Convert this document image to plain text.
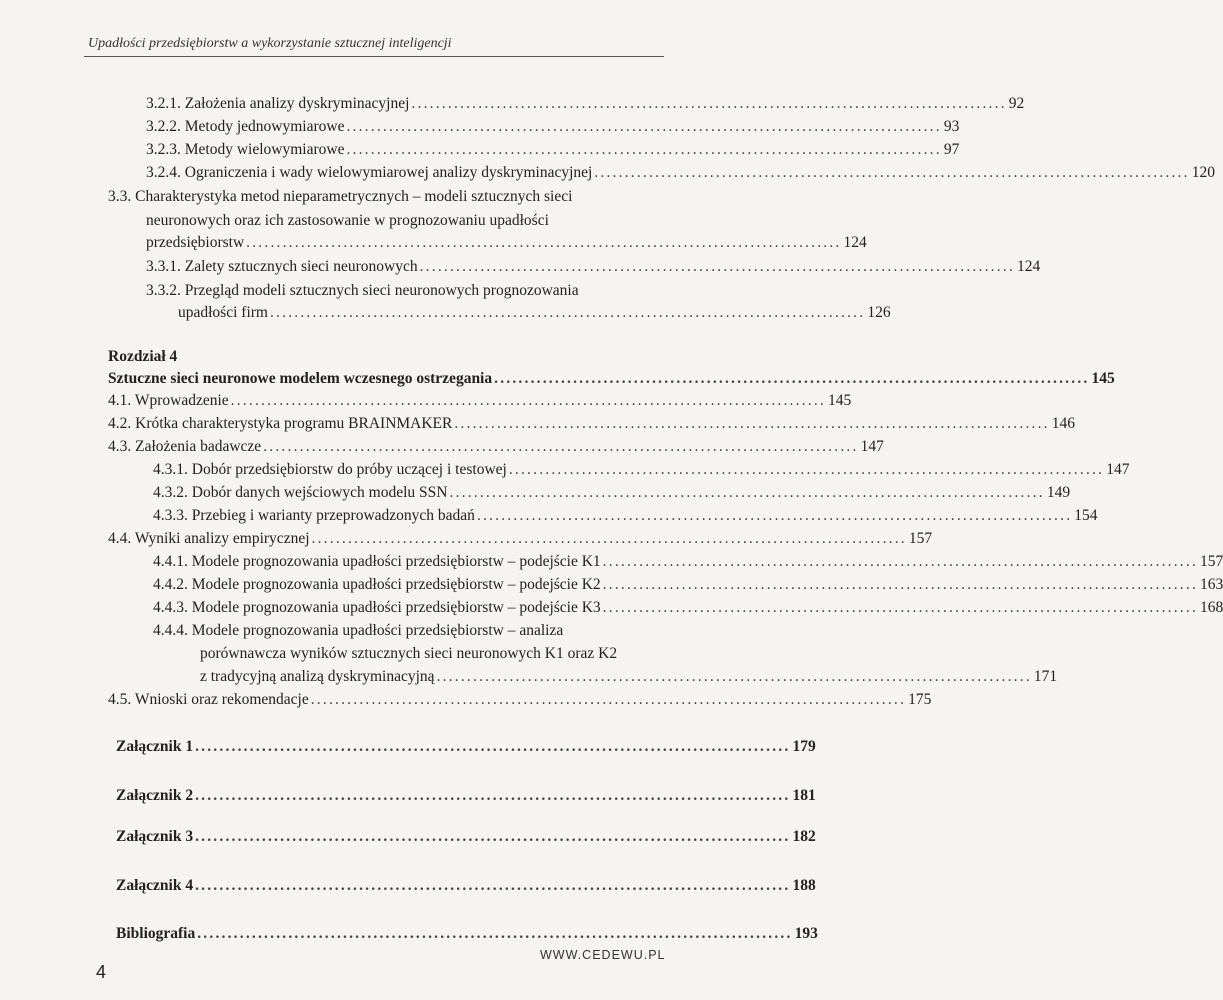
Upadłości przedsiębiorstw a wykorzystanie sztucznej inteligencji
3.2.1. Założenia analizy dyskryminacyjnej .................................................................................................. 92
3.2.2. Metody jednowymiarowe .................................................................................................. 93
3.2.3. Metody wielowymiarowe .................................................................................................. 97
3.2.4. Ograniczenia i wady wielowymiarowej analizy dyskryminacyjnej .................................................................................................. 120
3.3. Charakterystyka metod nieparametrycznych – modeli sztucznych sieci
neuronowych oraz ich zastosowanie w prognozowaniu upadłości
przedsiębiorstw .................................................................................................. 124
3.3.1. Zalety sztucznych sieci neuronowych .................................................................................................. 124
3.3.2. Przegląd modeli sztucznych sieci neuronowych prognozowania
upadłości firm .................................................................................................. 126
Rozdział 4
Sztuczne sieci neuronowe modelem wczesnego ostrzegania .................................................................................................. 145
4.1. Wprowadzenie .................................................................................................. 145
4.2. Krótka charakterystyka programu BRAINMAKER .................................................................................................. 146
4.3. Założenia badawcze .................................................................................................. 147
4.3.1. Dobór przedsiębiorstw do próby uczącej i testowej .................................................................................................. 147
4.3.2. Dobór danych wejściowych modelu SSN .................................................................................................. 149
4.3.3. Przebieg i warianty przeprowadzonych badań .................................................................................................. 154
4.4. Wyniki analizy empirycznej .................................................................................................. 157
4.4.1. Modele prognozowania upadłości przedsiębiorstw – podejście K1 .................................................................................................. 157
4.4.2. Modele prognozowania upadłości przedsiębiorstw – podejście K2 .................................................................................................. 163
4.4.3. Modele prognozowania upadłości przedsiębiorstw – podejście K3 .................................................................................................. 168
4.4.4. Modele prognozowania upadłości przedsiębiorstw – analiza
porównawcza wyników sztucznych sieci neuronowych K1 oraz K2
z tradycyjną analizą dyskryminacyjną .................................................................................................. 171
4.5. Wnioski oraz rekomendacje .................................................................................................. 175
Załącznik 1 .................................................................................................. 179
Załącznik 2 .................................................................................................. 181
Załącznik 3 .................................................................................................. 182
Załącznik 4 .................................................................................................. 188
Bibliografia .................................................................................................. 193
4
WWW.CEDEWU.PL
